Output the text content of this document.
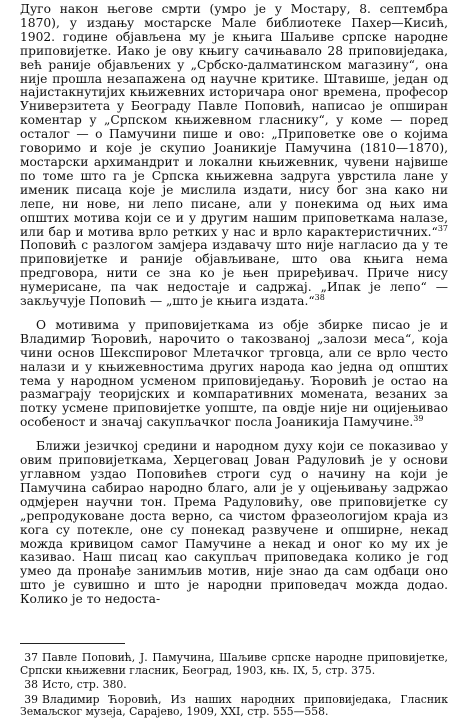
Дуго након његове смрти (умро је у Мостару, 8. септембра 1870), у издању мостарске Мале библиотеке Пахер—Кисић, 1902. године објављена му је књига Шаљиве српске народне приповијетке. Иако је ову књигу сачињавало 28 приповиједака, већ раније објављених у „Србско-далматинском магазину“, она није прошла незапажена од научне критике. Штавише, један од најистакнутијих књижевних историчара оног времена, професор Универзитета у Београду Павле Поповић, написао је опширан коментар у „Српском књижевном гласнику“, у коме — поред осталог — о Памучини пише и ово: „Приповетке ове о којима говоримо и које је скупио Јоаникије Памучина (1810—1870), мостарски архимандрит и локални књижевник, чувени највише по томе што га је Српска књижевна задруга уврстила лане у именик писаца које је мислила издати, нису бог зна како ни лепе, ни нове, ни лепо писане, али у понекима од њих има општих мотива који се и у другим нашим приповеткама налазе, или бар и мотива врло ретких у нас и врло карактеристичних.“$^{37}$ Поповић с разлогом замјера издавачу што није нагласио да у те приповијетке и раније објављиване, што ова књига нема предговора, нити се зна ко је њен приређивач. Приче нису нумерисане, па чак недостаје и садржај. „Ипак је лепо“ — закључује Поповић — „што је књига издата.“$^{38}$

О мотивима у приповијеткама из обје збирке писао је и Владимир Ћоровић, нарочито о такозваној „залози меса“, која чини основ Шекспировог Млетачког трговца, али се врло често налази и у књижевностима других народа као једна од општих тема у народном усменом приповиједању. Ћоровић је остао на размаграју теоријских и компаративних момената, везаних за потку усмене приповијетке уопште, па овдје није ни оцијењивао особеност и значај сакупљачког посла Јоаникија Памучине.$^{39}$

Ближи језичкој средини и народном духу који се показивао у овим приповијеткама, Херцеговац Јован Радуловић је у основи углавном уздао Поповићев строги суд о начину на који је Памучина сабирао народно благо, али је у оцјењивању задржао одмјерен научни тон. Према Радуловићу, ове приповијетке су „репродуковане доста верно, са чистом фразеологијом краја из кога су потекле, оне су понекад развучене и опширне, некад можда кривицом самог Памучине а некад и оног ко му их је казивао. Наш писац као сакупљач приповедака колико је год умео да пронађе занимљив мотив, није знао да сам одбаци оно што је сувишно и што је народни приповедач можда додао. Колико је то недоста-

37 Павле Поповић, Ј. Памучина, Шаљиве српске народне приповијетке, Српски књижевни гласник, Београд, 1903, књ. IX, 5, стр. 375.

38 Исто, стр. 380.

39 Владимир Ћоровић, Из наших народних приповиједака, Гласник Земаљског музеја, Сарајево, 1909, XXI, стр. 555—558.
